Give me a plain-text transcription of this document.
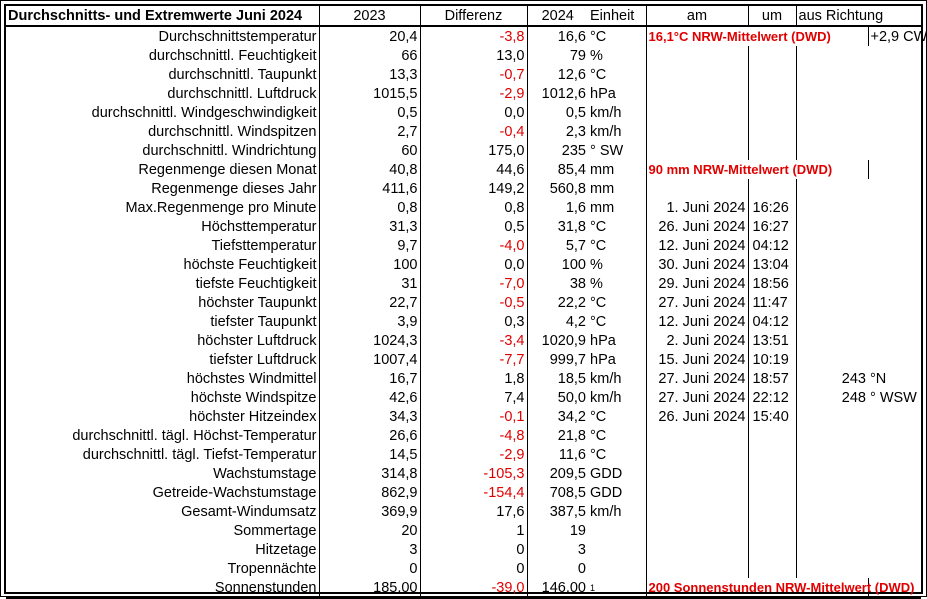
Durchschnitts- und Extremwerte Juni 2024	2023	Differenz	2024	Einheit	am	um	aus Richtung	
Durchschnittstemperatur	20,4	-3,8	16,6	°C	16,1°C NRW-Mittelwert (DWD)			+2,9 CW
durchschnittl. Feuchtigkeit	66	13,0	79	%				
durchschnittl. Taupunkt	13,3	-0,7	12,6	°C				
durchschnittl. Luftdruck	1015,5	-2,9	1012,6	hPa				
durchschnittl. Windgeschwindigkeit	0,5	0,0	0,5	km/h				
durchschnittl. Windspitzen	2,7	-0,4	2,3	km/h				
durchschnittl. Windrichtung	60	175,0	235	° SW				
Regenmenge diesen Monat	40,8	44,6	85,4	mm	90 mm NRW-Mittelwert (DWD)			
Regenmenge dieses Jahr	411,6	149,2	560,8	mm				
Max.Regenmenge pro Minute	0,8	0,8	1,6	mm	1. Juni 2024	16:26		
Höchsttemperatur	31,3	0,5	31,8	°C	26. Juni 2024	16:27		
Tiefsttemperatur	9,7	-4,0	5,7	°C	12. Juni 2024	04:12		
höchste Feuchtigkeit	100	0,0	100	%	30. Juni 2024	13:04		
tiefste Feuchtigkeit	31	-7,0	38	%	29. Juni 2024	18:56		
höchster Taupunkt	22,7	-0,5	22,2	°C	27. Juni 2024	11:47		
tiefster Taupunkt	3,9	0,3	4,2	°C	12. Juni 2024	04:12		
höchster Luftdruck	1024,3	-3,4	1020,9	hPa	2. Juni 2024	13:51		
tiefster Luftdruck	1007,4	-7,7	999,7	hPa	15. Juni 2024	10:19		
höchstes Windmittel	16,7	1,8	18,5	km/h	27. Juni 2024	18:57	243	°N
höchste Windspitze	42,6	7,4	50,0	km/h	27. Juni 2024	22:12	248	° WSW
höchster Hitzeindex	34,3	-0,1	34,2	°C	26. Juni 2024	15:40		
durchschnittl. tägl. Höchst-Temperatur	26,6	-4,8	21,8	°C				
durchschnittl. tägl. Tiefst-Temperatur	14,5	-2,9	11,6	°C				
Wachstumstage	314,8	-105,3	209,5	GDD				
Getreide-Wachstumstage	862,9	-154,4	708,5	GDD				
Gesamt-Windumsatz	369,9	17,6	387,5	km/h				
Sommertage	20	1	19					
Hitzetage	3	0	3					
Tropennächte	0	0	0					
Sonnenstunden	185,00	-39,0	146,00	$^1$	200 Sonnenstunden NRW-Mittelwert (DWD)			
